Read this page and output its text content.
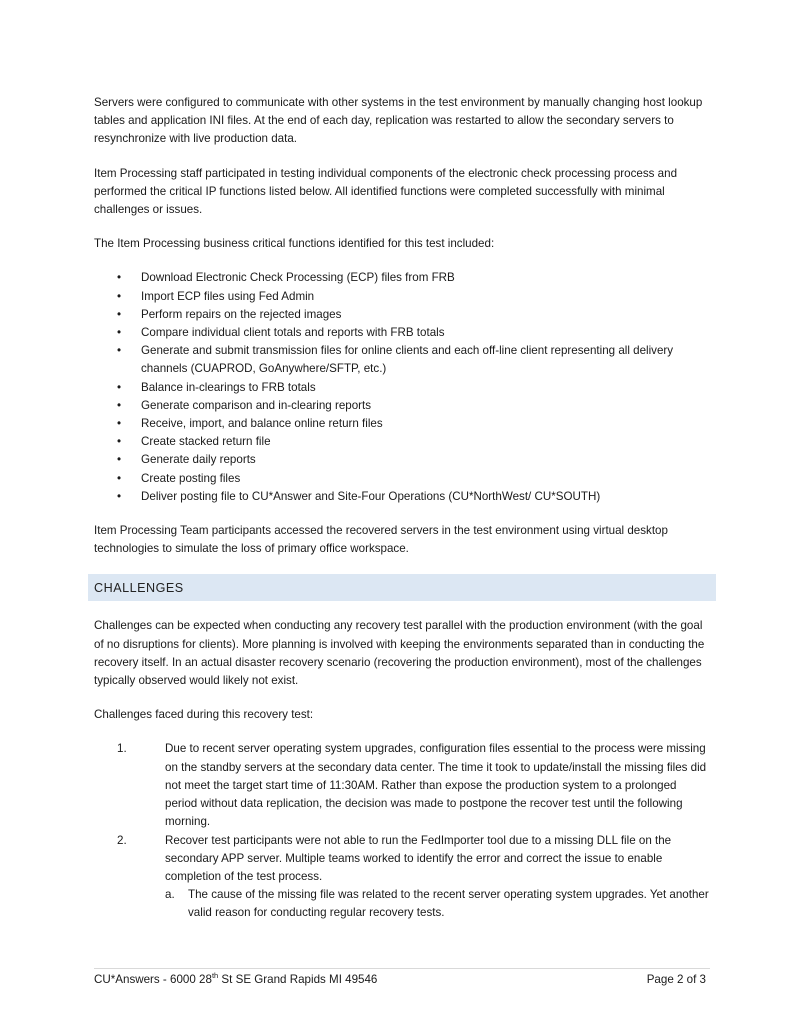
Servers were configured to communicate with other systems in the test environment by manually changing host lookup tables and application INI files. At the end of each day, replication was restarted to allow the secondary servers to resynchronize with live production data.

Item Processing staff participated in testing individual components of the electronic check processing process and performed the critical IP functions listed below. All identified functions were completed successfully with minimal challenges or issues.

The Item Processing business critical functions identified for this test included:

• Download Electronic Check Processing (ECP) files from FRB
• Import ECP files using Fed Admin
• Perform repairs on the rejected images
• Compare individual client totals and reports with FRB totals
• Generate and submit transmission files for online clients and each off-line client representing all delivery channels (CUAPROD, GoAnywhere/SFTP, etc.)
• Balance in-clearings to FRB totals
• Generate comparison and in-clearing reports
• Receive, import, and balance online return files
• Create stacked return file
• Generate daily reports
• Create posting files
• Deliver posting file to CU*Answer and Site-Four Operations (CU*NorthWest/ CU*SOUTH)

Item Processing Team participants accessed the recovered servers in the test environment using virtual desktop technologies to simulate the loss of primary office workspace.

CHALLENGES

Challenges can be expected when conducting any recovery test parallel with the production environment (with the goal of no disruptions for clients). More planning is involved with keeping the environments separated than in conducting the recovery itself. In an actual disaster recovery scenario (recovering the production environment), most of the challenges typically observed would likely not exist.

Challenges faced during this recovery test:

1.	Due to recent server operating system upgrades, configuration files essential to the process were missing on the standby servers at the secondary data center. The time it took to update/install the missing files did not meet the target start time of 11:30AM. Rather than expose the production system to a prolonged period without data replication, the decision was made to postpone the recover test until the following morning.
2.	Recover test participants were not able to run the FedImporter tool due to a missing DLL file on the secondary APP server. Multiple teams worked to identify the error and correct the issue to enable completion of the test process.
a. The cause of the missing file was related to the recent server operating system upgrades. Yet another valid reason for conducting regular recovery tests.
CU*Answers - 6000 28th St SE Grand Rapids MI 49546	Page 2 of 3
